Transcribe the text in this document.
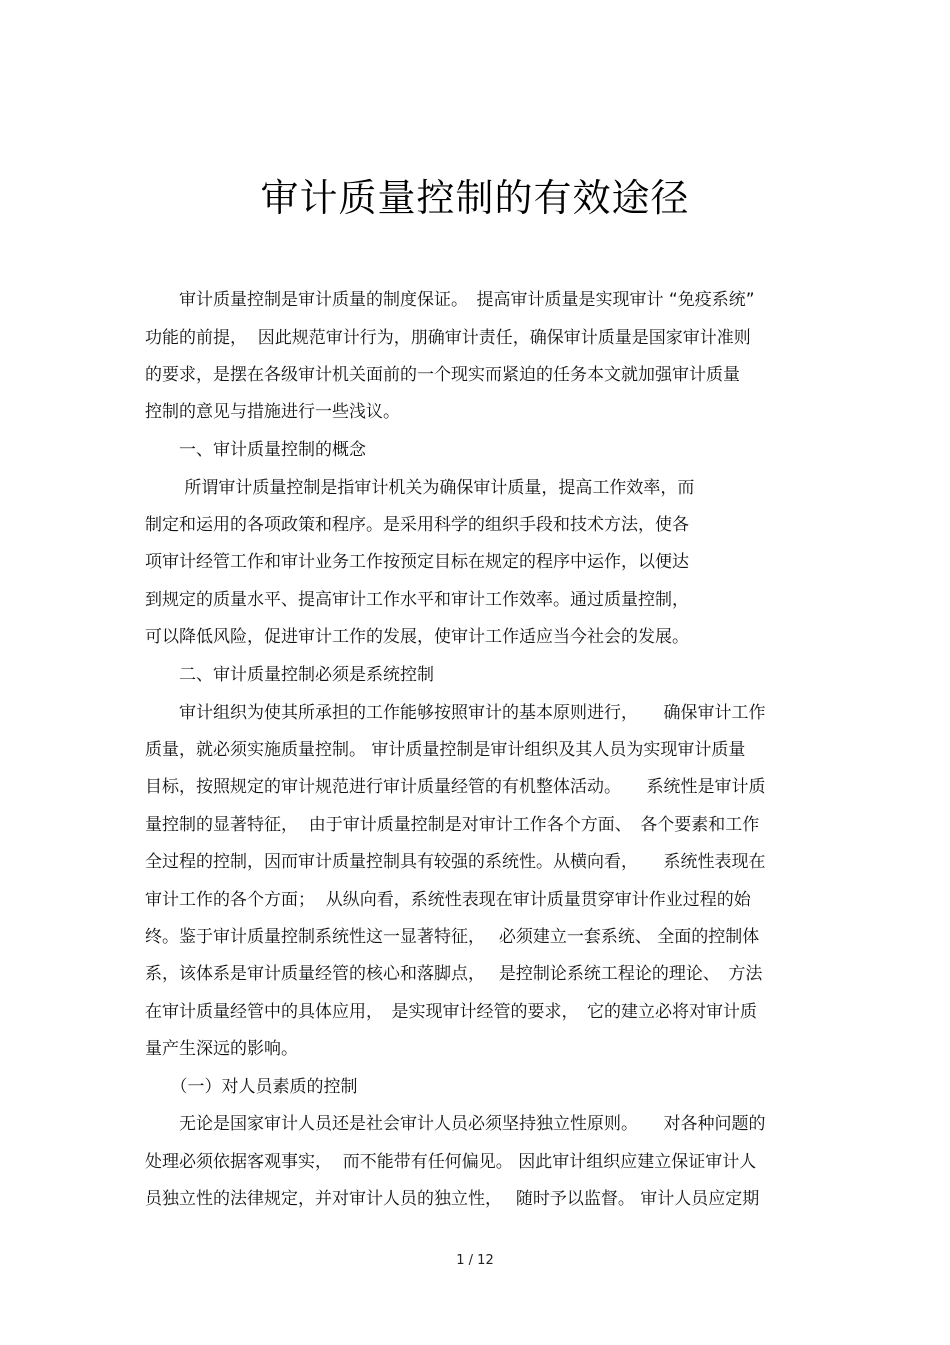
审计质量控制的有效途径
　　审计质量控制是审计质量的制度保证。　提高审计质量是实现审计 “免疫系统”
功能的前提，  因此规范审计行为，朋确审计责任，确保审计质量是国家审计准则
的要求，是摆在各级审计机关面前的一个现实而紧迫的任务本文就加强审计质量
控制的意见与措施进行一些浅议。
　　一、审计质量控制的概念
　　 所谓审计质量控制是指审计机关为确保审计质量，提高工作效率，而
制定和运用的各项政策和程序。是采用科学的组织手段和技术方法，使各
项审计经管工作和审计业务工作按预定目标在规定的程序中运作，以便达
到规定的质量水平、提高审计工作水平和审计工作效率。通过质量控制，
可以降低风险，促进审计工作的发展，使审计工作适应当今社会的发展。
　　二、审计质量控制必须是系统控制
　　审计组织为使其所承担的工作能够按照审计的基本原则进行，　　确保审计工作
质量，就必须实施质量控制。 审计质量控制是审计组织及其人员为实现审计质量
目标，按照规定的审计规范进行审计质量经管的有机整体活动。　　系统性是审计质
量控制的显著特征，  由于审计质量控制是对审计工作各个方面、　各个要素和工作
全过程的控制，因而审计质量控制具有较强的系统性。从横向看，　　系统性表现在
审计工作的各个方面；  从纵向看，系统性表现在审计质量贯穿审计作业过程的始
终。鉴于审计质量控制系统性这一显著特征，　 必须建立一套系统、 全面的控制体
系，该体系是审计质量经管的核心和落脚点，　 是控制论系统工程论的理论、　方法
在审计质量经管中的具体应用，　是实现审计经管的要求，　它的建立必将对审计质
量产生深远的影响。
　　（一）对人员素质的控制
　　无论是国家审计人员还是社会审计人员必须坚持独立性原则。　　对各种问题的
处理必须依据客观事实，  而不能带有任何偏见。 因此审计组织应建立保证审计人
员独立性的法律规定，并对审计人员的独立性，　 随时予以监督。 审计人员应定期
1 / 12
